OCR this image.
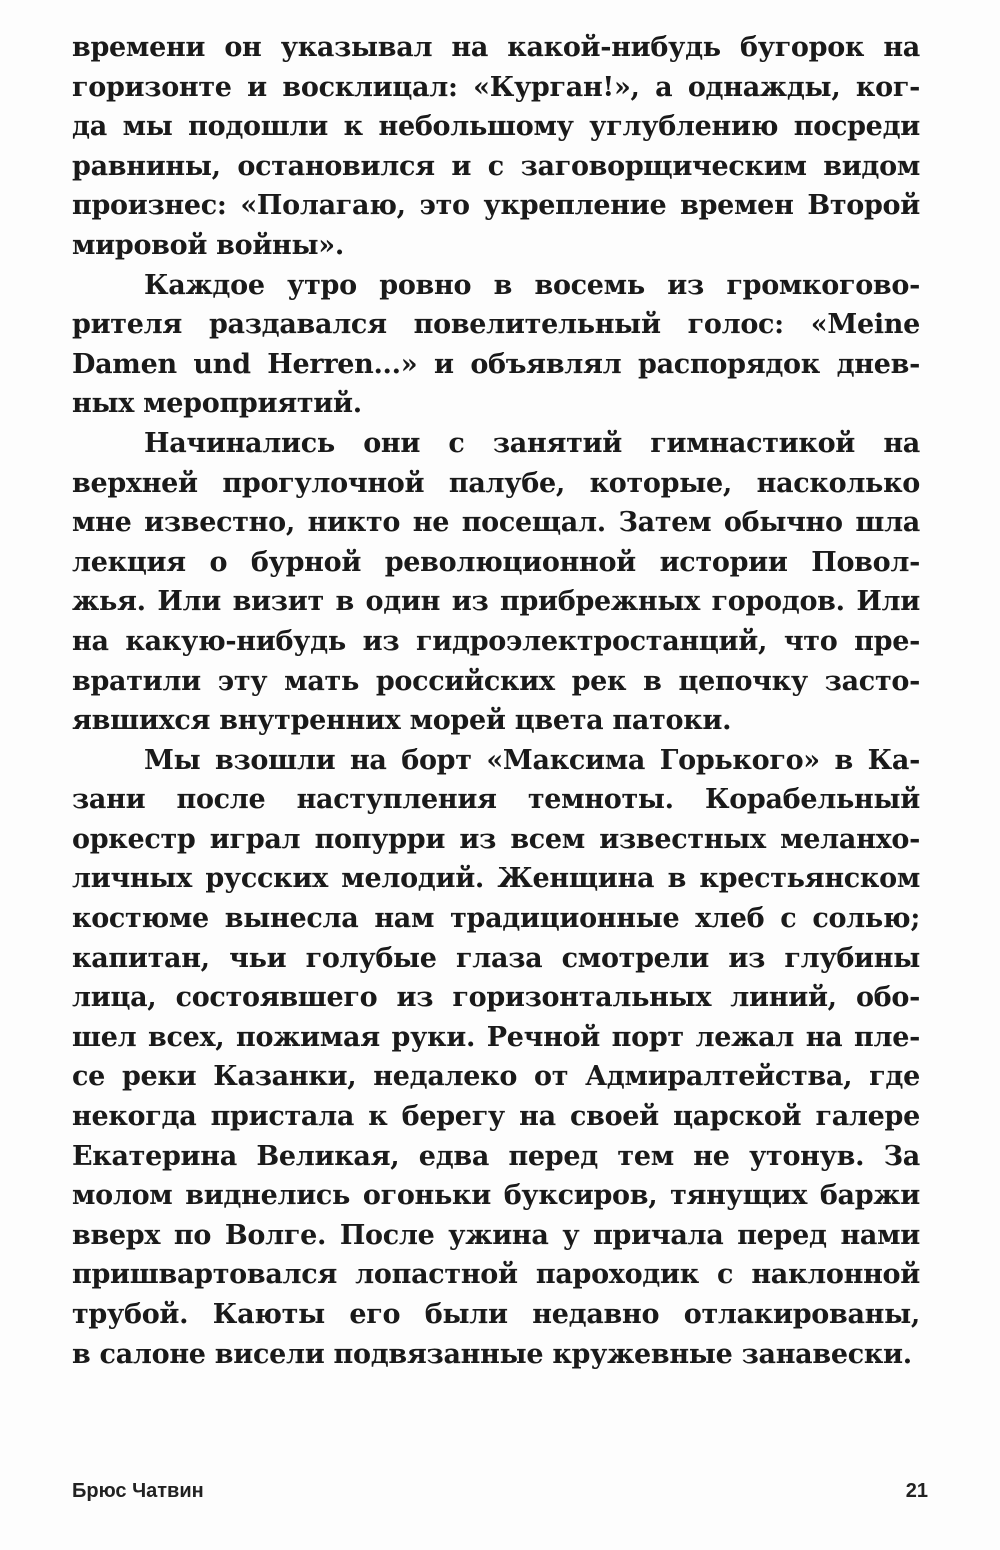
времени он указывал на какой-нибудь бугорок на
горизонте и восклицал: «Курган!», а однажды, ког-
да мы подошли к небольшому углублению посреди
равнины, остановился и с заговорщическим видом
произнес: «Полагаю, это укрепление времен Второй
мировой войны».
Каждое утро ровно в восемь из громкогово-
рителя раздавался повелительный голос: «Meine
Damen und Herren...» и объявлял распорядок днев-
ных мероприятий.
Начинались они с занятий гимнастикой на
верхней прогулочной палубе, которые, насколько
мне известно, никто не посещал. Затем обычно шла
лекция о бурной революционной истории Повол-
жья. Или визит в один из прибрежных городов. Или
на какую-нибудь из гидроэлектростанций, что пре-
вратили эту мать российских рек в цепочку засто-
явшихся внутренних морей цвета патоки.
Мы взошли на борт «Максима Горького» в Ка-
зани после наступления темноты. Корабельный
оркестр играл попурри из всем известных меланхо-
личных русских мелодий. Женщина в крестьянском
костюме вынесла нам традиционные хлеб с солью;
капитан, чьи голубые глаза смотрели из глубины
лица, состоявшего из горизонтальных линий, обо-
шел всех, пожимая руки. Речной порт лежал на пле-
се реки Казанки, недалеко от Адмиралтейства, где
некогда пристала к берегу на своей царской галере
Екатерина Великая, едва перед тем не утонув. За
молом виднелись огоньки буксиров, тянущих баржи
вверх по Волге. После ужина у причала перед нами
пришвартовался лопастной пароходик с наклонной
трубой. Каюты его были недавно отлакированы,
в салоне висели подвязанные кружевные занавески.
Брюс Чатвин	21
